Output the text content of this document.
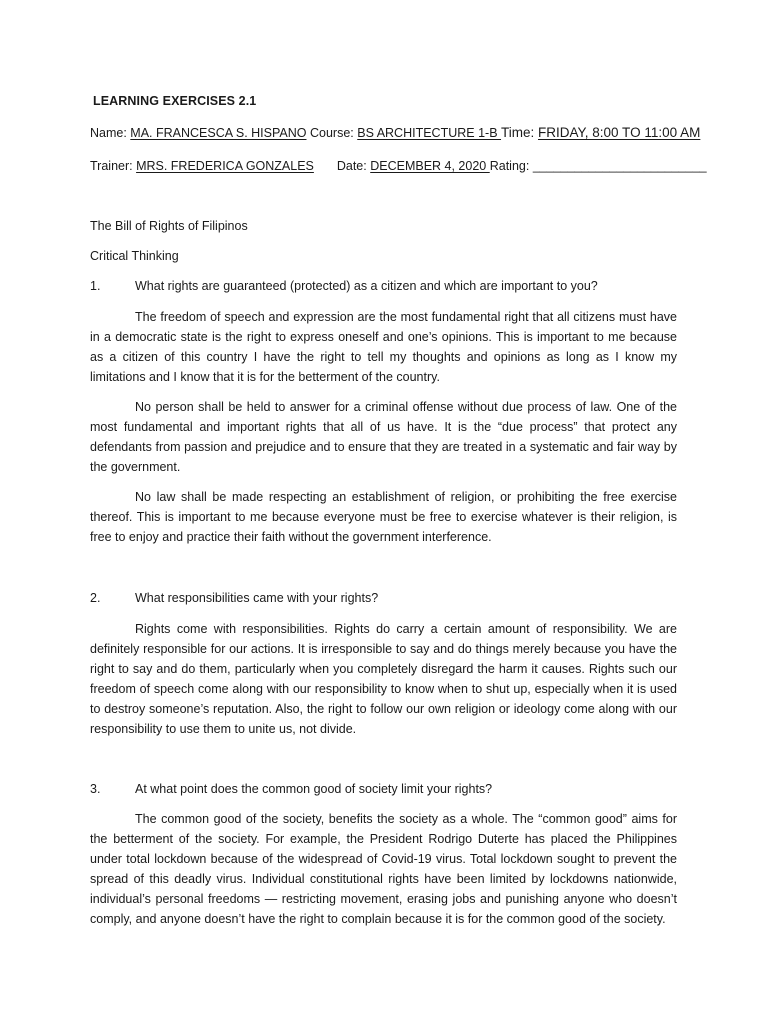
LEARNING EXERCISES 2.1
Name: MA. FRANCESCA S. HISPANO Course: BS ARCHITECTURE 1-B Time: FRIDAY, 8:00 TO 11:00 AM
Trainer: MRS. FREDERICA GONZALES Date: DECEMBER 4, 2020 Rating: _________________________
The Bill of Rights of Filipinos
Critical Thinking
1.	What rights are guaranteed (protected) as a citizen and which are important to you?

The freedom of speech and expression are the most fundamental right that all citizens must have in a democratic state is the right to express oneself and one’s opinions. This is important to me because as a citizen of this country I have the right to tell my thoughts and opinions as long as I know my limitations and I know that it is for the betterment of the country.

No person shall be held to answer for a criminal offense without due process of law. One of the most fundamental and important rights that all of us have. It is the “due process” that protect any defendants from passion and prejudice and to ensure that they are treated in a systematic and fair way by the government.

No law shall be made respecting an establishment of religion, or prohibiting the free exercise thereof. This is important to me because everyone must be free to exercise whatever is their religion, is free to enjoy and practice their faith without the government interference.

2.	What responsibilities came with your rights?

Rights come with responsibilities. Rights do carry a certain amount of responsibility. We are definitely responsible for our actions. It is irresponsible to say and do things merely because you have the right to say and do them, particularly when you completely disregard the harm it causes. Rights such our freedom of speech come along with our responsibility to know when to shut up, especially when it is used to destroy someone’s reputation. Also, the right to follow our own religion or ideology come along with our responsibility to use them to unite us, not divide.

3.	At what point does the common good of society limit your rights?

The common good of the society, benefits the society as a whole. The “common good” aims for the betterment of the society. For example, the President Rodrigo Duterte has placed the Philippines under total lockdown because of the widespread of Covid-19 virus. Total lockdown sought to prevent the spread of this deadly virus. Individual constitutional rights have been limited by lockdowns nationwide, individual’s personal freedoms — restricting movement, erasing jobs and punishing anyone who doesn’t comply, and anyone doesn’t have the right to complain because it is for the common good of the society.
